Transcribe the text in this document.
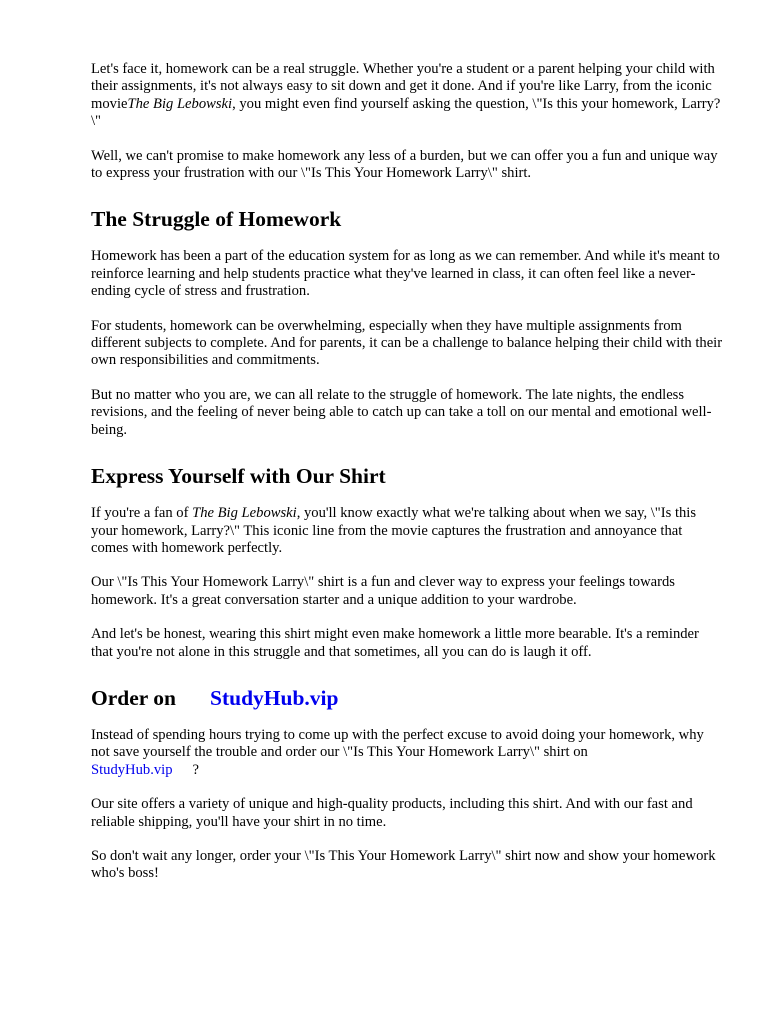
Let's face it, homework can be a real struggle. Whether you're a student or a parent helping your child with their assignments, it's not always easy to sit down and get it done. And if you're like Larry, from the iconic movieThe Big Lebowski, you might even find yourself asking the question, \"Is this your homework, Larry?\"

Well, we can't promise to make homework any less of a burden, but we can offer you a fun and unique way to express your frustration with our \"Is This Your Homework Larry\" shirt.

The Struggle of Homework

Homework has been a part of the education system for as long as we can remember. And while it's meant to reinforce learning and help students practice what they've learned in class, it can often feel like a never-ending cycle of stress and frustration.

For students, homework can be overwhelming, especially when they have multiple assignments from different subjects to complete. And for parents, it can be a challenge to balance helping their child with their own responsibilities and commitments.

But no matter who you are, we can all relate to the struggle of homework. The late nights, the endless revisions, and the feeling of never being able to catch up can take a toll on our mental and emotional well-being.

Express Yourself with Our Shirt

If you're a fan of The Big Lebowski, you'll know exactly what we're talking about when we say, \"Is this your homework, Larry?\" This iconic line from the movie captures the frustration and annoyance that comes with homework perfectly.

Our \"Is This Your Homework Larry\" shirt is a fun and clever way to express your feelings towards homework. It's a great conversation starter and a unique addition to your wardrobe.

And let's be honest, wearing this shirt might even make homework a little more bearable. It's a reminder that you're not alone in this struggle and that sometimes, all you can do is laugh it off.

Order on StudyHub.vip

Instead of spending hours trying to come up with the perfect excuse to avoid doing your homework, why not save yourself the trouble and order our \"Is This Your Homework Larry\" shirt on
StudyHub.vip ?

Our site offers a variety of unique and high-quality products, including this shirt. And with our fast and reliable shipping, you'll have your shirt in no time.

So don't wait any longer, order your \"Is This Your Homework Larry\" shirt now and show your homework who's boss!
